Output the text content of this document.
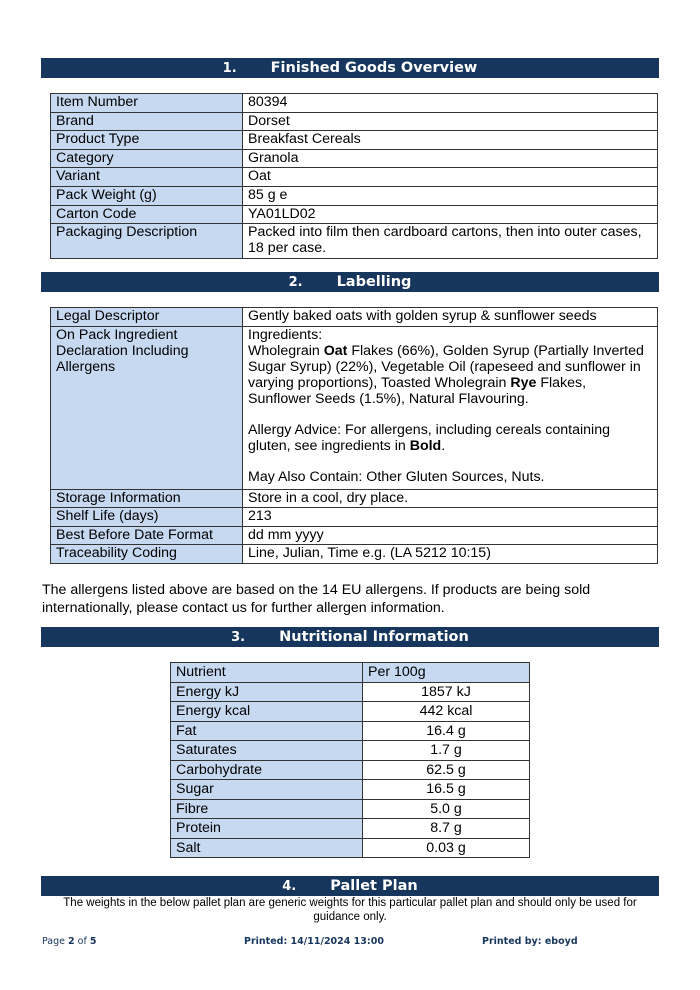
1. Finished Goods Overview
Item Number	80394
Brand	Dorset
Product Type	Breakfast Cereals
Category	Granola
Variant	Oat
Pack Weight (g)	85 g e
Carton Code	YA01LD02
Packaging Description	Packed into film then cardboard cartons, then into outer cases, 18 per case.
2. Labelling
Legal Descriptor	Gently baked oats with golden syrup & sunflower seeds
On Pack Ingredient Declaration Including Allergens	Ingredients:

Wholegrain Oat Flakes (66%), Golden Syrup (Partially Inverted Sugar Syrup) (22%), Vegetable Oil (rapeseed and sunflower in varying proportions), Toasted Wholegrain Rye Flakes, Sunflower Seeds (1.5%), Natural Flavouring.

Allergy Advice: For allergens, including cereals containing gluten, see ingredients in Bold.

May Also Contain: Other Gluten Sources, Nuts.

Storage Information	Store in a cool, dry place.
Shelf Life (days)	213
Best Before Date Format	dd mm yyyy
Traceability Coding	Line, Julian, Time e.g. (LA 5212 10:15)

The allergens listed above are based on the 14 EU allergens. If products are being sold internationally, please contact us for further allergen information.

3. Nutritional Information
Nutrient	Per 100g
Energy kJ	1857 kJ
Energy kcal	442 kcal
Fat	16.4 g
Saturates	1.7 g
Carbohydrate	62.5 g
Sugar	16.5 g
Fibre	5.0 g
Protein	8.7 g
Salt	0.03 g
4. Pallet Plan

The weights in the below pallet plan are generic weights for this particular pallet plan and should only be used for guidance only.

Page 2 of 5	Printed: 14/11/2024 13:00	Printed by: eboyd
